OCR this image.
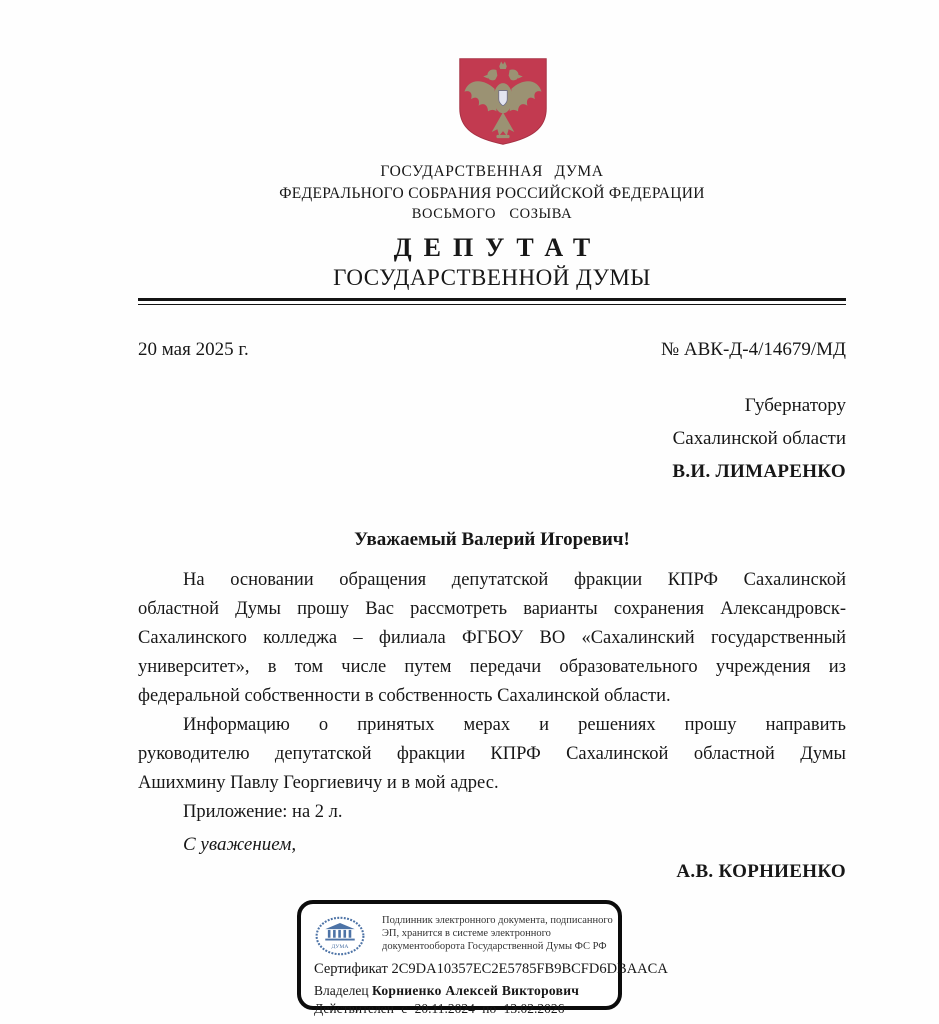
ГОСУДАРСТВЕННАЯ ДУМА
ФЕДЕРАЛЬНОГО СОБРАНИЯ РОССИЙСКОЙ ФЕДЕРАЦИИ
ВОСЬМОГО СОЗЫВА
ДЕПУТАТ
ГОСУДАРСТВЕННОЙ ДУМЫ
20 мая 2025 г.	№ АВК-Д-4/14679/МД
Губернатору
Сахалинской области
В.И. ЛИМАРЕНКО
Уважаемый Валерий Игоревич!
На основании обращения депутатской фракции КПРФ Сахалинской
областной Думы прошу Вас рассмотреть варианты сохранения Александровск-
Сахалинского колледжа – филиала ФГБОУ ВО «Сахалинский государственный
университет», в том числе путем передачи образовательного учреждения из
федеральной собственности в собственность Сахалинской области.
Информацию о принятых мерах и решениях прошу направить
руководителю депутатской фракции КПРФ Сахалинской областной Думы
Ашихмину Павлу Георгиевичу и в мой адрес.
Приложение: на 2 л.
С уважением,
А.В. КОРНИЕНКО
ДУМА
Подлинник электронного документа, подписанного
ЭП, хранится в системе электронного
документооборота Государственной Думы ФС РФ
Сертификат 2C9DA10357EC2E5785FB9BCFD6DBAACA
Владелец Корниенко Алексей Викторович
Действителен с 20.11.2024 по 13.02.2026
